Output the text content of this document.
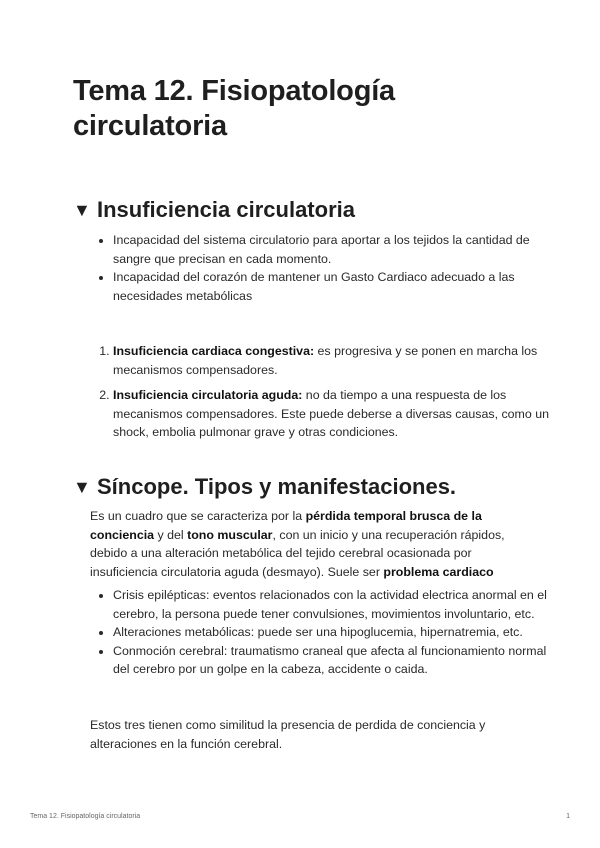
Tema 12. Fisiopatología circulatoria
▼ Insuficiencia circulatoria
• Incapacidad del sistema circulatorio para aportar a los tejidos la cantidad de sangre que precisan en cada momento.
• Incapacidad del corazón de mantener un Gasto Cardiaco adecuado a las necesidades metabólicas
1. Insuficiencia cardiaca congestiva: es progresiva y se ponen en marcha los mecanismos compensadores.
2. Insuficiencia circulatoria aguda: no da tiempo a una respuesta de los mecanismos compensadores. Este puede deberse a diversas causas, como un shock, embolia pulmonar grave y otras condiciones.
▼ Síncope. Tipos y manifestaciones.

Es un cuadro que se caracteriza por la pérdida temporal brusca de la conciencia y del tono muscular, con un inicio y una recuperación rápidos, debido a una alteración metabólica del tejido cerebral ocasionada por insuficiencia circulatoria aguda (desmayo). Suele ser problema cardiaco

• Crisis epilépticas: eventos relacionados con la actividad electrica anormal en el cerebro, la persona puede tener convulsiones, movimientos involuntario, etc.
• Alteraciones metabólicas: puede ser una hipoglucemia, hipernatremia, etc.
• Conmoción cerebral: traumatismo craneal que afecta al funcionamiento normal del cerebro por un golpe en la cabeza, accidente o caida.

Estos tres tienen como similitud la presencia de perdida de conciencia y alteraciones en la función cerebral.

Tema 12. Fisiopatología circulatoria	1
